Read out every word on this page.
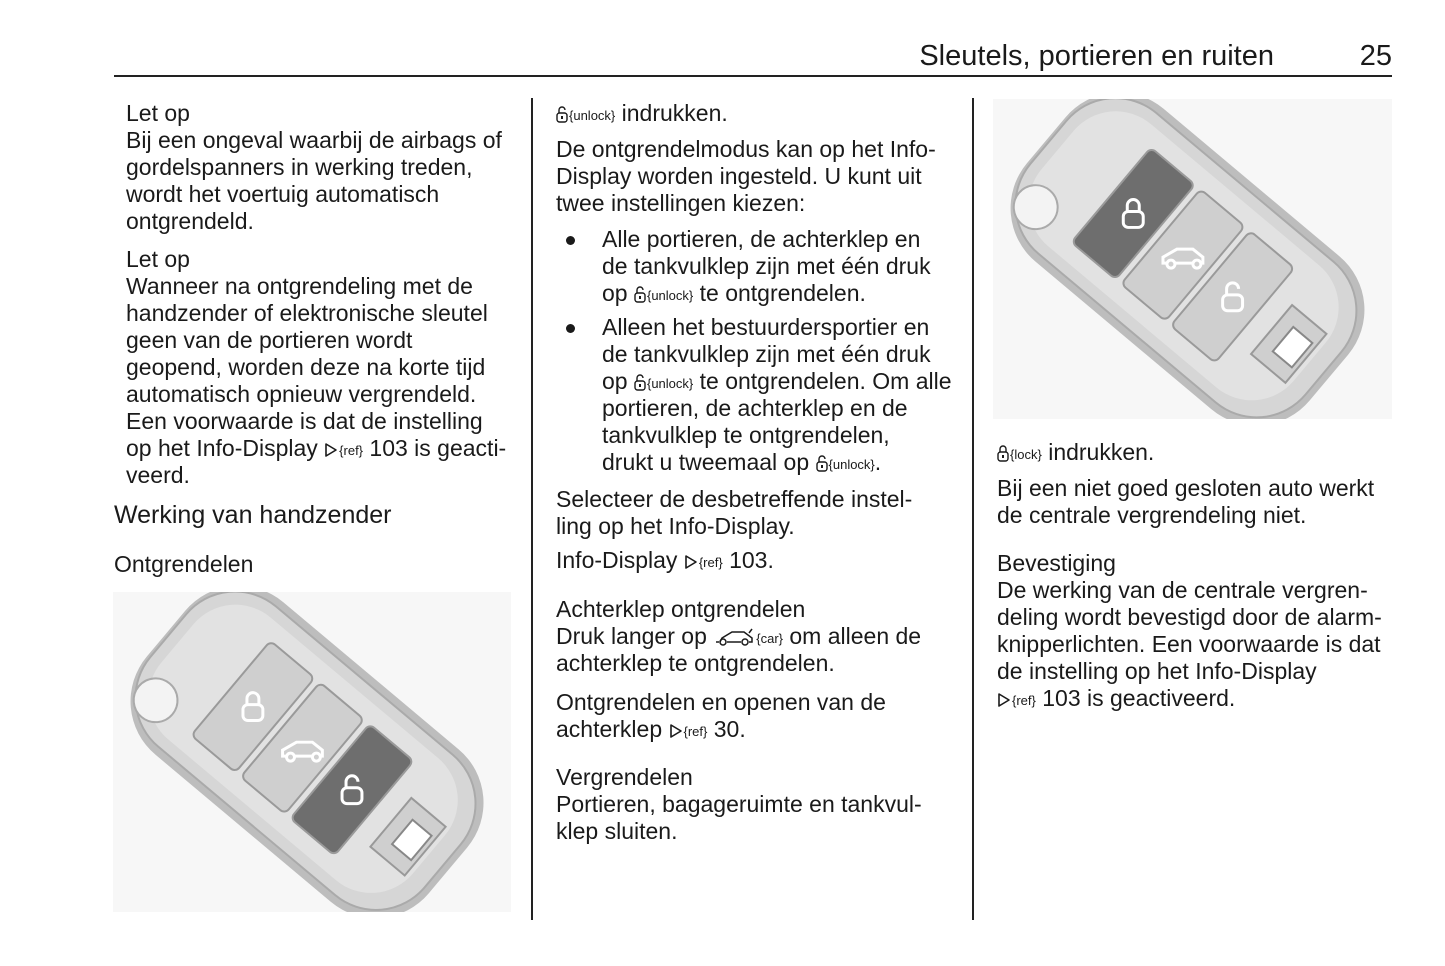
Sleutels, portieren en ruiten	25
Let op
Bij een ongeval waarbij de airbags of
gordelspanners in werking treden,
wordt het voertuig automatisch
ontgrendeld.
Let op
Wanneer na ontgrendeling met de
handzender of elektronische sleutel
geen van de portieren wordt
geopend, worden deze na korte tijd
automatisch opnieuw vergrendeld.
Een voorwaarde is dat de instelling
op het Info-Display {ref} 103 is geacti-
veerd.
Werking van handzender
Ontgrendelen
{unlock} indrukken.
De ontgrendelmodus kan op het Info-
Display worden ingesteld. U kunt uit
twee instellingen kiezen:
Alle portieren, de achterklep en
de tankvulklep zijn met één druk
op {unlock} te ontgrendelen.
Alleen het bestuurdersportier en
de tankvulklep zijn met één druk
op {unlock} te ontgrendelen. Om alle
portieren, de achterklep en de
tankvulklep te ontgrendelen,
drukt u tweemaal op {unlock}.
Selecteer de desbetreffende instel-
ling op het Info-Display.
Info-Display {ref} 103.
Achterklep ontgrendelen
Druk langer op	{car} om alleen de
achterklep te ontgrendelen.
Ontgrendelen en openen van de
achterklep {ref} 30.
Vergrendelen
Portieren, bagageruimte en tankvul-
klep sluiten.
{lock} indrukken.
Bij een niet goed gesloten auto werkt
de centrale vergrendeling niet.
Bevestiging
De werking van de centrale vergren-
deling wordt bevestigd door de alarm-
knipperlichten. Een voorwaarde is dat
de instelling op het Info-Display
{ref} 103 is geactiveerd.
